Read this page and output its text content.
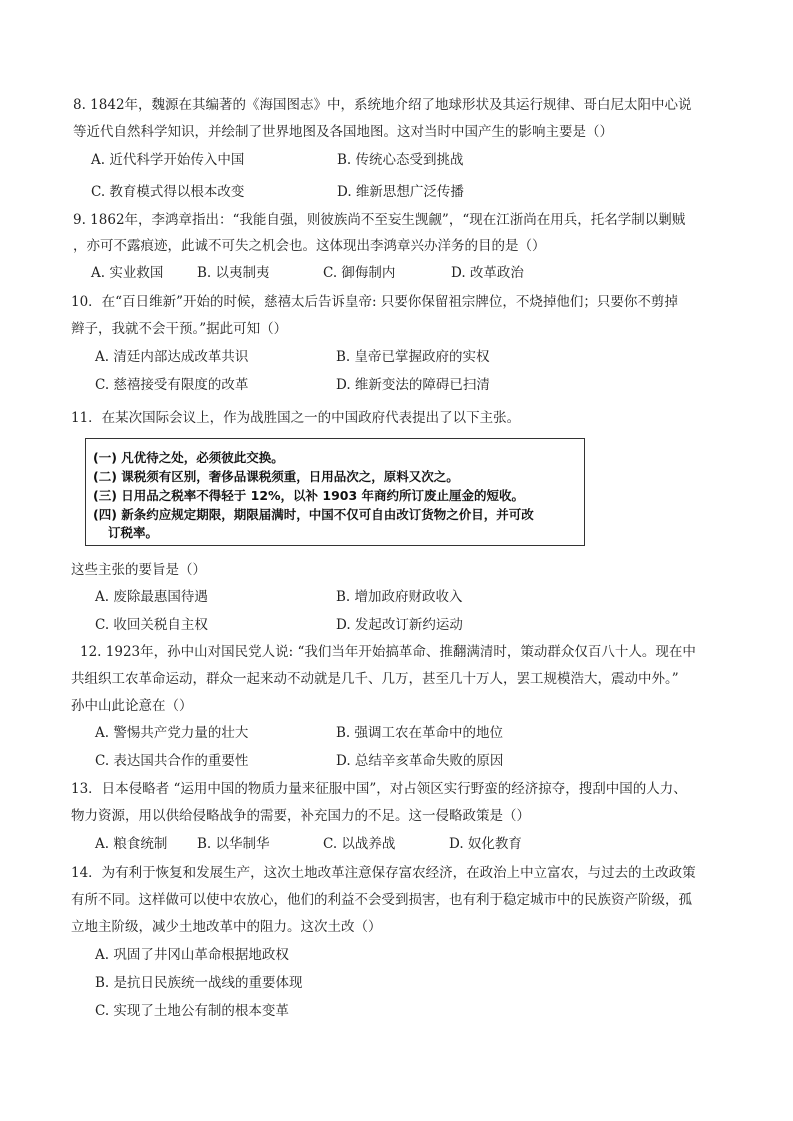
8. 1842年，魏源在其编著的《海国图志》中，系统地介绍了地球形状及其运行规律、哥白尼太阳中心说
等近代自然科学知识，并绘制了世界地图及各国地图。这对当时中国产生的影响主要是（）
A. 近代科学开始传入中国	B. 传统心态受到挑战
C. 教育模式得以根本改变	D. 维新思想广泛传播
9. 1862年，李鸿章指出：“我能自强，则彼族尚不至妄生觊觎”，“现在江浙尚在用兵，托名学制以剿贼
，亦可不露痕迹，此诚不可失之机会也。这体现出李鸿章兴办洋务的目的是（）
A. 实业救国 B. 以夷制夷	C. 御侮制内	D. 改革政治
10．在“百日维新”开始的时候，慈禧太后告诉皇帝: 只要你保留祖宗牌位，不烧掉他们；只要你不剪掉
辫子，我就不会干预。”据此可知（）
A. 清廷内部达成改革共识	B. 皇帝已掌握政府的实权
C. 慈禧接受有限度的改革	D. 维新变法的障碍已扫清
11．在某次国际会议上，作为战胜国之一的中国政府代表提出了以下主张。
(一) 凡优待之处，必须彼此交换。
(二) 课税须有区别，奢侈品课税须重，日用品次之，原料又次之。
(三) 日用品之税率不得轻于 12%，以补 1903 年商约所订废止厘金的短收。
(四) 新条约应规定期限，期限届满时，中国不仅可自由改订货物之价目，并可改
订税率。
这些主张的要旨是（）
A. 废除最惠国待遇	B. 增加政府财政收入
C. 收回关税自主权	D. 发起改订新约运动
12. 1923年，孙中山对国民党人说: “我们当年开始搞革命、推翻满清时，策动群众仅百八十人。现在中
共组织工农革命运动，群众一起来动不动就是几千、几万，甚至几十万人，罢工规模浩大，震动中外。”
孙中山此论意在（）
A. 警惕共产党力量的壮大	B. 强调工农在革命中的地位
C. 表达国共合作的重要性	D. 总结辛亥革命失败的原因
13．日本侵略者 “运用中国的物质力量来征服中国”，对占领区实行野蛮的经济掠夺，搜刮中国的人力、
物力资源，用以供给侵略战争的需要，补充国力的不足。这一侵略政策是（）
A. 粮食统制 B. 以华制华	C. 以战养战	D. 奴化教育
14．为有利于恢复和发展生产，这次土地改革注意保存富农经济，在政治上中立富农，与过去的土改政策
有所不同。这样做可以使中农放心，他们的利益不会受到损害，也有利于稳定城市中的民族资产阶级，孤
立地主阶级，减少土地改革中的阻力。这次土改（）
A. 巩固了井冈山革命根据地政权
B. 是抗日民族统一战线的重要体现
C. 实现了土地公有制的根本变革
